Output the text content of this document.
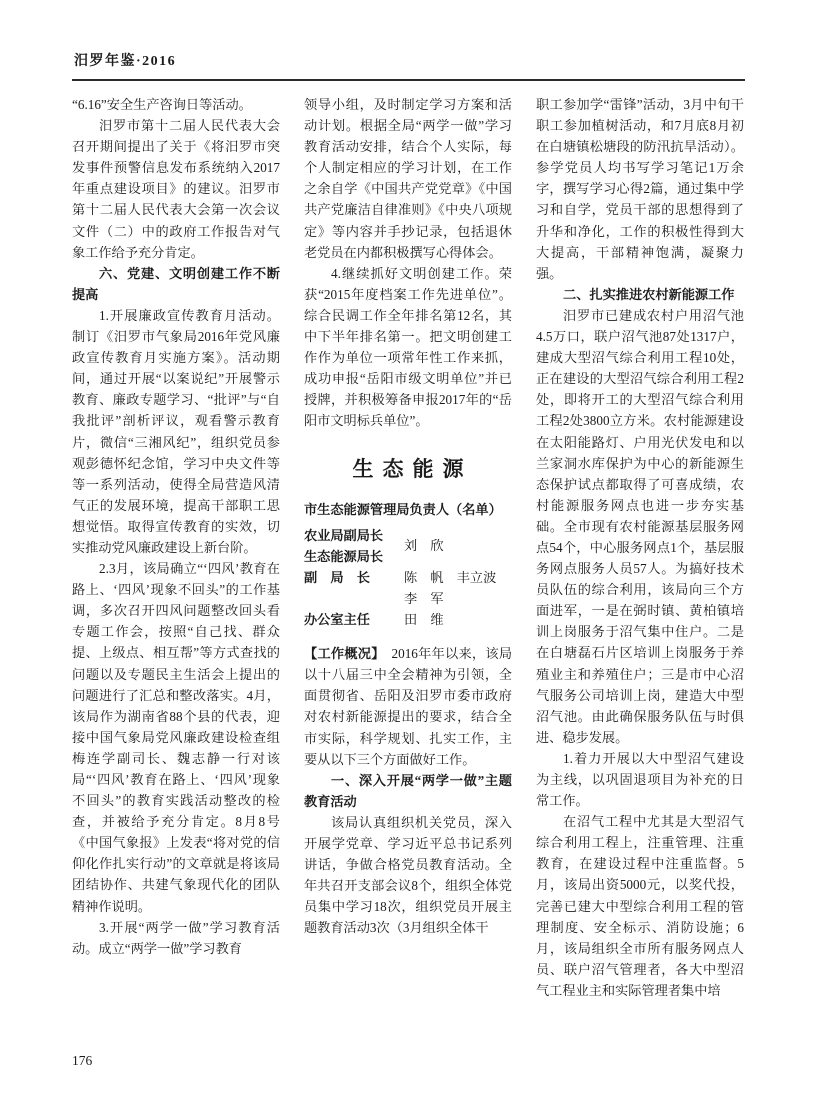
汨罗年鉴·2016

“6.16”安全生产咨询日等活动。

汨罗市第十二届人民代表大会召开期间提出了关于《将汨罗市突发事件预警信息发布系统纳入2017年重点建设项目》的建议。汨罗市第十二届人民代表大会第一次会议文件（二）中的政府工作报告对气象工作给予充分肯定。

六、党建、文明创建工作不断提高

1.开展廉政宣传教育月活动。制订《汨罗市气象局2016年党风廉政宣传教育月实施方案》。活动期间，通过开展“以案说纪”开展警示教育、廉政专题学习、“批评”与“自我批评”剖析评议，观看警示教育片，微信“三湘风纪”，组织党员参观彭德怀纪念馆，学习中央文件等等一系列活动，使得全局营造风清气正的发展环境，提高干部职工思想觉悟。取得宣传教育的实效，切实推动党风廉政建设上新台阶。

2.3月，该局确立“‘四风’教育在路上、‘四风’现象不回头”的工作基调，多次召开四风问题整改回头看专题工作会，按照“自己找、群众提、上级点、相互帮”等方式查找的问题以及专题民主生活会上提出的问题进行了汇总和整改落实。4月，该局作为湖南省88个县的代表，迎接中国气象局党风廉政建设检查组梅连学副司长、魏志静一行对该局“‘四风’教育在路上、‘四风’现象不回头”的教育实践活动整改的检查，并被给予充分肯定。8月8号《中国气象报》上发表“将对党的信仰化作扎实行动”的文章就是将该局团结协作、共建气象现代化的团队精神作说明。

3.开展“两学一做”学习教育活动。成立“两学一做”学习教育

领导小组，及时制定学习方案和活动计划。根据全局“两学一做”学习教育活动安排，结合个人实际，每个人制定相应的学习计划，在工作之余自学《中国共产党党章》《中国共产党廉洁自律准则》《中央八项规定》等内容并手抄记录，包括退休老党员在内都积极撰写心得体会。

4.继续抓好文明创建工作。荣获“2015年度档案工作先进单位”。综合民调工作全年排名第12名，其中下半年排名第一。把文明创建工作作为单位一项常年性工作来抓，成功申报“岳阳市级文明单位”并已授牌，并积极筹备申报2017年的“岳阳市文明标兵单位”。

生态能源
市生态能源管理局负责人（名单）
农业局副局长
生态能源局长
刘　欣
副　局　长	陈　帆　丰立波
李　军
办公室主任	田　维

【工作概况】　2016年年以来，该局以十八届三中全会精神为引领，全面贯彻省、岳阳及汨罗市委市政府对农村新能源提出的要求，结合全市实际，科学规划、扎实工作，主要从以下三个方面做好工作。

一、深入开展“两学一做”主题教育活动

该局认真组织机关党员，深入开展学党章、学习近平总书记系列讲话，争做合格党员教育活动。全年共召开支部会议8个，组织全体党员集中学习18次，组织党员开展主题教育活动3次（3月组织全体干

职工参加学“雷锋”活动，3月中旬干职工参加植树活动，和7月底8月初在白塘镇松塘段的防汛抗旱活动）。参学党员人均书写学习笔记1万余字，撰写学习心得2篇，通过集中学习和自学，党员干部的思想得到了升华和净化，工作的积极性得到大大提高，干部精神饱满，凝聚力强。

二、扎实推进农村新能源工作

汨罗市已建成农村户用沼气池4.5万口，联户沼气池87处1317户，建成大型沼气综合利用工程10处，正在建设的大型沼气综合利用工程2处，即将开工的大型沼气综合利用工程2处3800立方米。农村能源建设在太阳能路灯、户用光伏发电和以兰家洞水库保护为中心的新能源生态保护试点都取得了可喜成绩，农村能源服务网点也进一步夯实基础。全市现有农村能源基层服务网点54个，中心服务网点1个，基层服务网点服务人员57人。为搞好技术员队伍的综合利用，该局向三个方面进军，一是在弼时镇、黄柏镇培训上岗服务于沼气集中住户。二是在白塘磊石片区培训上岗服务于养殖业主和养殖住户；三是市中心沼气服务公司培训上岗，建造大中型沼气池。由此确保服务队伍与时俱进、稳步发展。

1.着力开展以大中型沼气建设为主线，以巩固退项目为补充的日常工作。

在沼气工程中尤其是大型沼气综合利用工程上，注重管理、注重教育，在建设过程中注重监督。5月，该局出资5000元，以奖代投，完善已建大中型综合利用工程的管理制度、安全标示、消防设施；6月，该局组织全市所有服务网点人员、联户沼气管理者，各大中型沼气工程业主和实际管理者集中培

176
